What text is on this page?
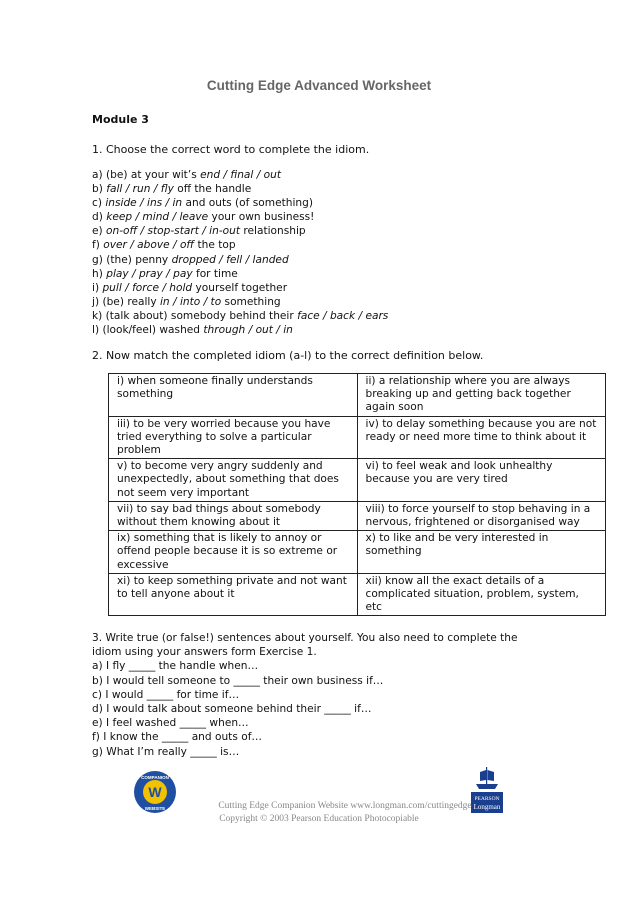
Cutting Edge Advanced Worksheet
Module 3
1. Choose the correct word to complete the idiom.
a) (be) at your wit’s end / final / out
b) fall / run / fly off the handle
c) inside / ins / in and outs (of something)
d) keep / mind / leave your own business!
e) on-off / stop-start / in-out relationship
f) over / above / off the top
g) (the) penny dropped / fell / landed
h) play / pray / pay for time
i) pull / force / hold yourself together
j) (be) really in / into / to something
k) (talk about) somebody behind their face / back / ears
l) (look/feel) washed through / out / in
2. Now match the completed idiom (a-l) to the correct definition below.
i) when someone finally understands something	ii) a relationship where you are always breaking up and getting back together again soon
iii) to be very worried because you have tried everything to solve a particular problem	iv) to delay something because you are not ready or need more time to think about it
v) to become very angry suddenly and unexpectedly, about something that does not seem very important	vi) to feel weak and look unhealthy because you are very tired
vii) to say bad things about somebody without them knowing about it	viii) to force yourself to stop behaving in a nervous, frightened or disorganised way
ix) something that is likely to annoy or offend people because it is so extreme or excessive	x) to like and be very interested in something
xi) to keep something private and not want to tell anyone about it	xii) know all the exact details of a complicated situation, problem, system, etc
3. Write true (or false!) sentences about yourself. You also need to complete the
idiom using your answers form Exercise 1.
a) I fly _____ the handle when…
b) I would tell someone to _____ their own business if…
c) I would _____ for time if…
d) I would talk about someone behind their _____ if…
e) I feel washed _____ when…
f) I know the _____ and outs of…
g) What I’m really _____ is…
W
COMPANION
WEBSITE
PEARSON
Longman
Cutting Edge Companion Website www.longman.com/cuttingedge
Copyright © 2003 Pearson Education Photocopiable
